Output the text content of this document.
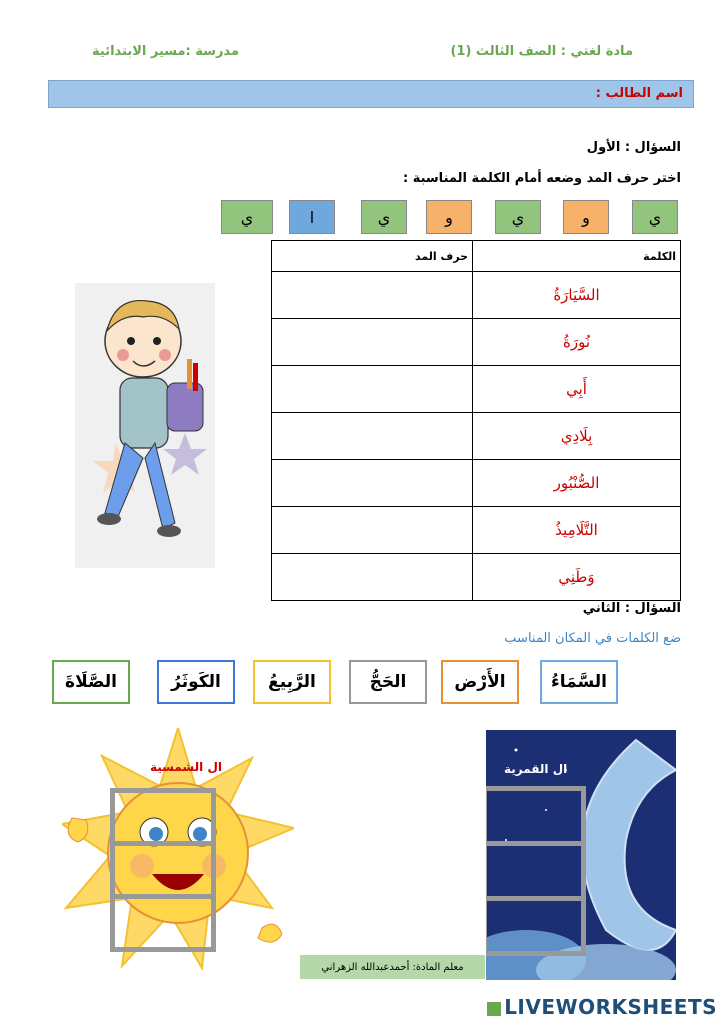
مادة لغتي : الصف الثالث (1)
مدرسة :مسير الابتدائية
اسم الطالب :
السؤال : الأول
اختر حرف المد وضعه أمام الكلمة المناسبة :
ي
و
ي
و
ي
ا
ي
الكلمة	حرف المد
السَّيَارَةُ	
نُورَةُ	
أَبِي	
بِلَادِي	
الصُّنْبُور	
التَّلَامِيذُ	
وَطَنِي	
السؤال : الثاني
ضع الكلمات في المكان المناسب
السَّمَاءُ
الأَرْض
الحَجُّ
الرَّبِيعُ
الكَوثَرُ
الصَّلَاةَ
ال الشمسية	ال القمرية
معلم المادة: أحمدعبدالله الزهراني
LIVEWORKSHEETS
